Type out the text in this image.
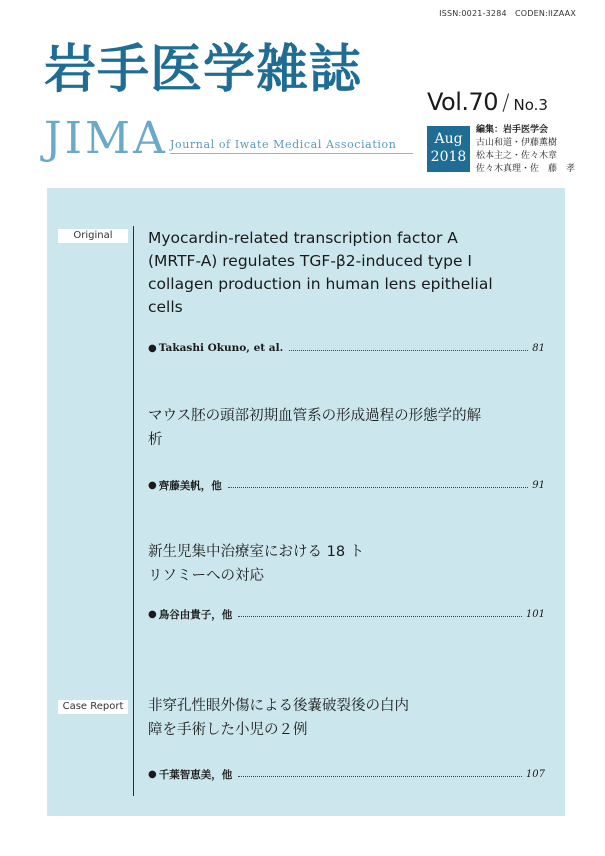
ISSN:0021-3284　CODEN:IIZAAX
岩手医学雑誌
Vol.70 / No.3
JIMA Journal of Iwate Medical Association	Aug
2018
編集：岩手医学会
古山和道・伊藤薫樹
松本主之・佐々木章
佐々木真理・佐　藤　孝
Original	Myocardin-related transcription factor A (MRTF-A) regulates TGF-β2-induced type I collagen production in human lens epithelial cells
● Takashi Okuno, et al.	81
マウス胚の頭部初期血管系の形成過程の形態学的解析
● 齊藤美帆，他	91
新生児集中治療室における 18 トリソミーへの対応
● 鳥谷由貴子，他	101
Case Report	非穿孔性眼外傷による後嚢破裂後の白内障を手術した小児の２例
● 千葉智恵美，他	107
